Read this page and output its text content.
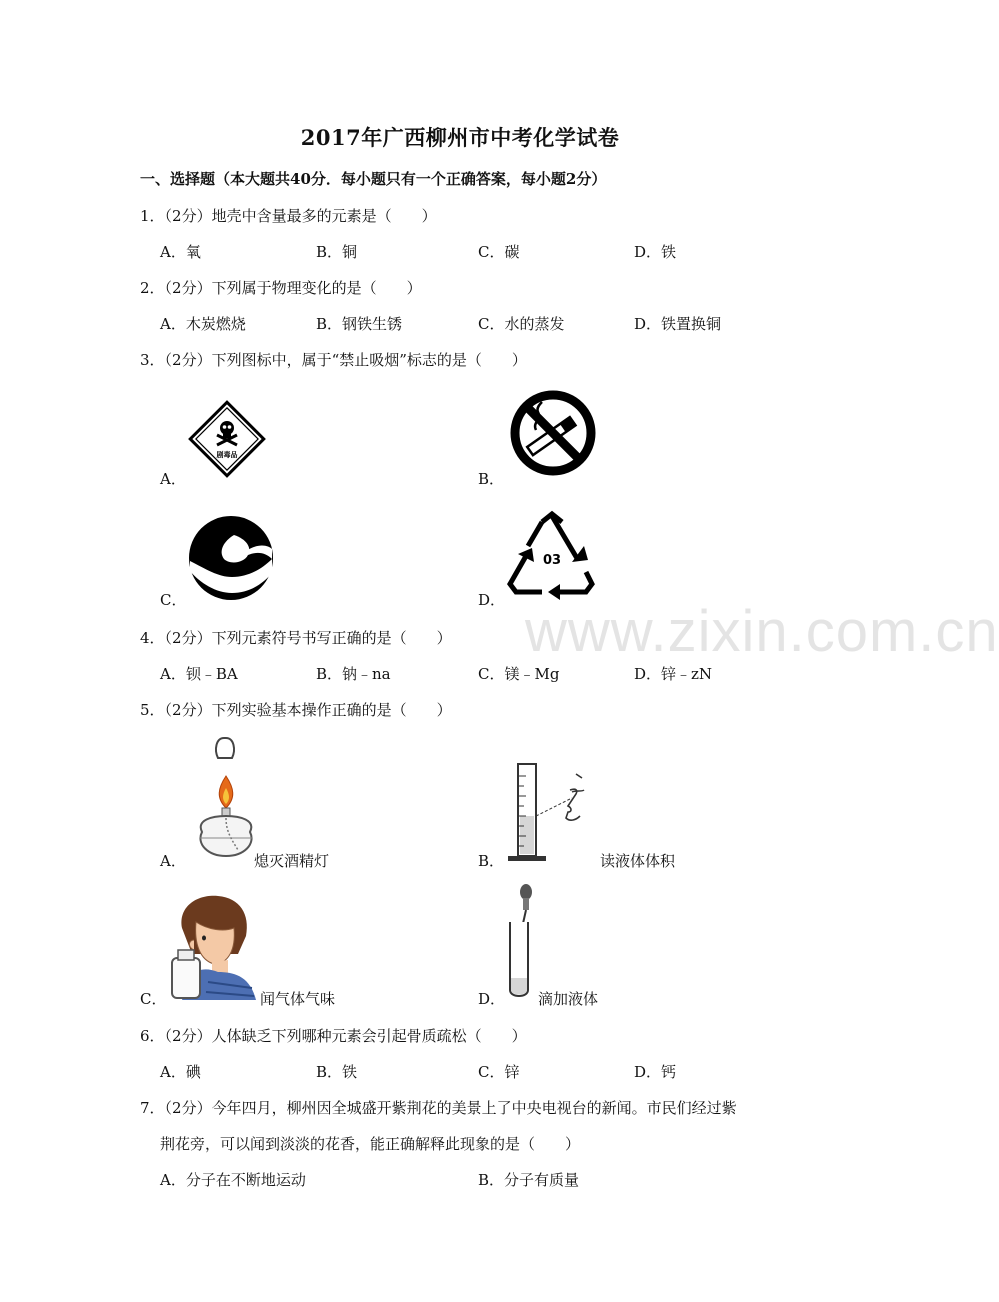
2017年广西柳州市中考化学试卷
一、选择题（本大题共40分．每小题只有一个正确答案，每小题2分）
1．（2分）地壳中含量最多的元素是（　　）
A．氧	B．铜	C．碳	D．铁
2．（2分）下列属于物理变化的是（　　）
A．木炭燃烧	B．钢铁生锈	C．水的蒸发	D．铁置换铜
3．（2分）下列图标中，属于“禁止吸烟”标志的是（　　）
剧毒品
A．	B．
C．
03
D． www.zixin.com.cn
4．（2分）下列元素符号书写正确的是（　　）
A．钡﹣BA	B．钠﹣na	C．镁﹣Mg	D．锌﹣zN
5．（2分）下列实验基本操作正确的是（　　）
A．	熄灭酒精灯	B．	读液体体积
C．	闻气体气味	D． 滴加液体
6．（2分）人体缺乏下列哪种元素会引起骨质疏松（　　）
A．碘	B．铁	C．锌	D．钙
7．（2分）今年四月，柳州因全城盛开紫荆花的美景上了中央电视台的新闻。市民们经过紫
荆花旁，可以闻到淡淡的花香，能正确解释此现象的是（　　）
A．分子在不断地运动	B．分子有质量
